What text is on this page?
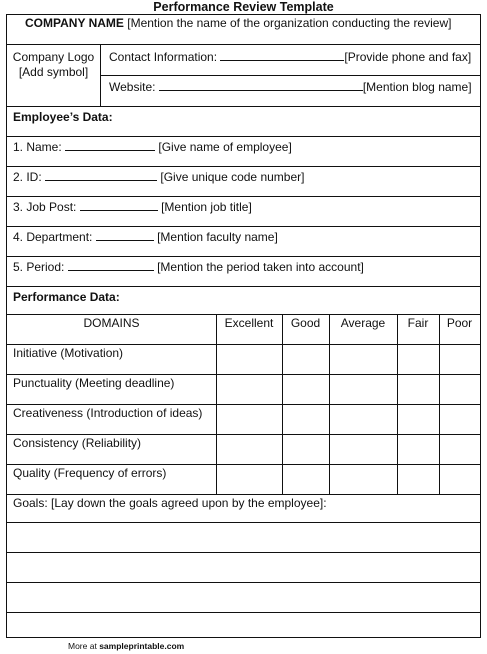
Performance Review Template
COMPANY NAME [Mention the name of the organization conducting the review]
Company Logo
[Add symbol]
Contact Information:	[Provide phone and fax]
Website:	[Mention blog name]
Employee’s Data:
1. Name:	[Give name of employee]
2. ID:	[Give unique code number]
3. Job Post:	[Mention job title]
4. Department:	[Mention faculty name]
5. Period:	[Mention the period taken into account]
Performance Data:
DOMAINS	Excellent	Good	Average	Fair	Poor
Initiative (Motivation)
Punctuality (Meeting deadline)
Creativeness (Introduction of ideas)
Consistency (Reliability)
Quality (Frequency of errors)
Goals: [Lay down the goals agreed upon by the employee]:
More at sampleprintable.com
